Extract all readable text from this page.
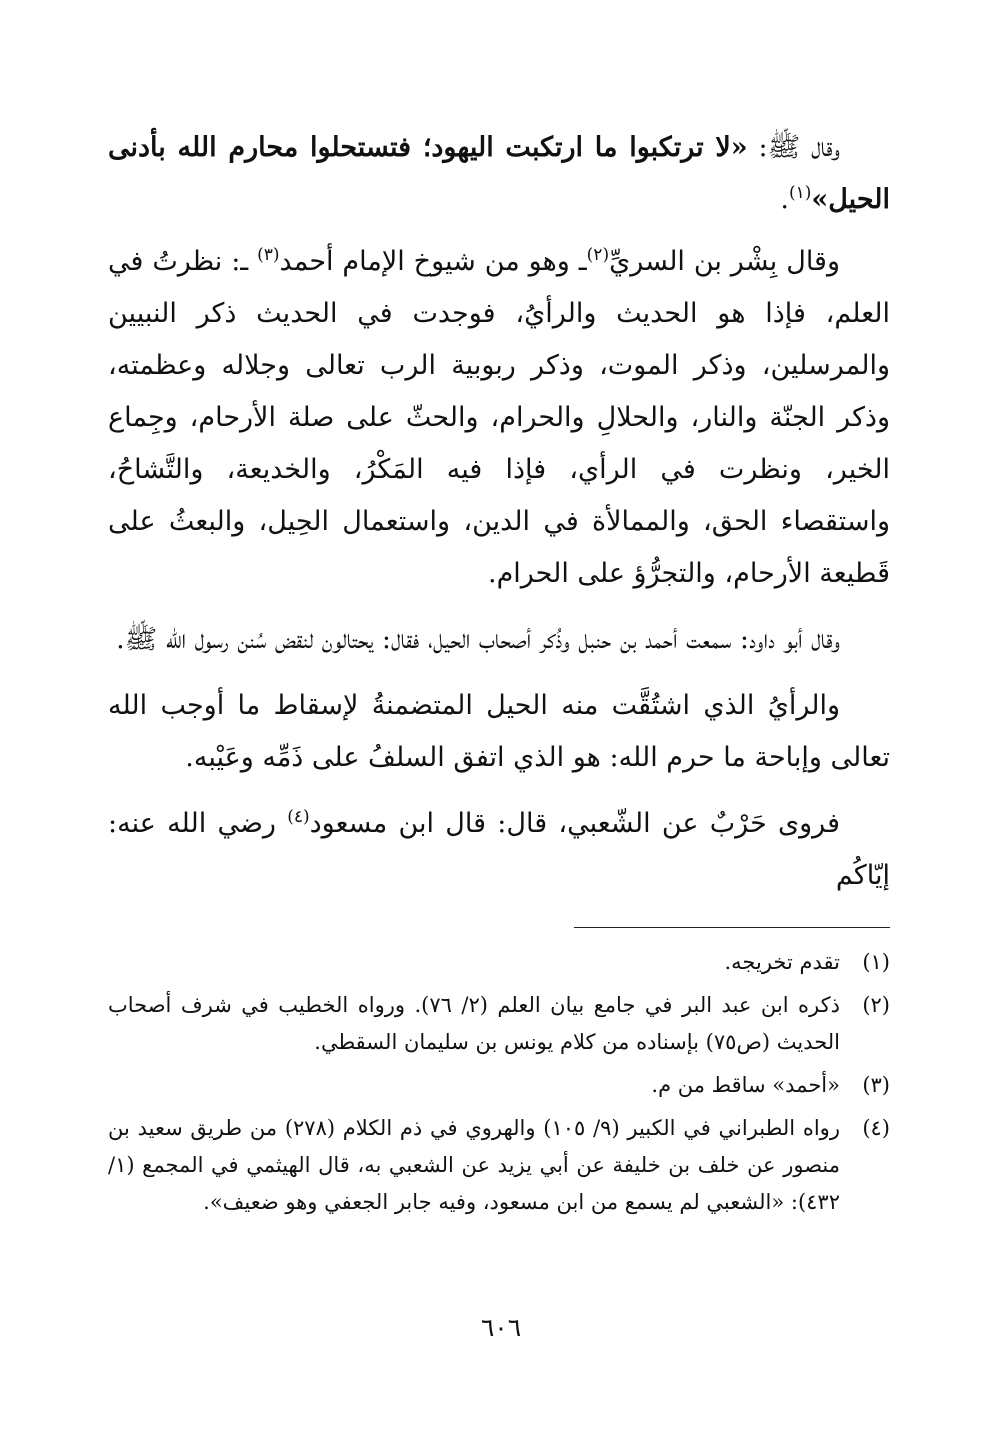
وقال ﷺ: «لا ترتكبوا ما ارتكبت اليهود؛ فتستحلوا محارم الله بأدنى الحيل»$^{(١)}$.

وقال بِشْر بن السريِّ$^{(٢)}$ـ وهو من شيوخ الإمام أحمد$^{(٣)}$ ـ: نظرتُ في العلم، فإذا هو الحديث والرأيُ، فوجدت في الحديث ذكر النبيين والمرسلين، وذكر الموت، وذكر ربوبية الرب تعالى وجلاله وعظمته، وذكر الجنّة والنار، والحلالِ والحرام، والحثّ على صلة الأرحام، وجِماع الخير، ونظرت في الرأي، فإذا فيه المَكْرُ، والخديعة، والتَّشاحُ، واستقصاء الحق، والممالأة في الدين، واستعمال الحِيل، والبعثُ على قَطيعة الأرحام، والتجرُّؤ على الحرام.

وقال أبو داود: سمعت أحمد بن حنبل وذُكر أصحاب الحيل، فقال: يحتالون لنقض سُنن رسول الله ﷺ.

والرأيُ الذي اشتُقَّت منه الحيل المتضمنةُ لإسقاط ما أوجب الله تعالى وإباحة ما حرم الله: هو الذي اتفق السلفُ على ذَمِّه وعَيْبه.

فروى حَرْبٌ عن الشّعبي، قال: قال ابن مسعود$^{(٤)}$ رضي الله عنه: إيّاكُم

(١)
تقدم تخريجه.
(٢)
ذكره ابن عبد البر في جامع بيان العلم (٢/ ٧٦). ورواه الخطيب في شرف أصحاب الحديث (ص٧٥) بإسناده من كلام يونس بن سليمان السقطي.
(٣)
«أحمد» ساقط من م.
(٤)
رواه الطبراني في الكبير (٩/ ١٠٥) والهروي في ذم الكلام (٢٧٨) من طريق سعيد بن منصور عن خلف بن خليفة عن أبي يزيد عن الشعبي به، قال الهيثمي في المجمع (١/ ٤٣٢): «الشعبي لم يسمع من ابن مسعود، وفيه جابر الجعفي وهو ضعيف».
٦٠٦
